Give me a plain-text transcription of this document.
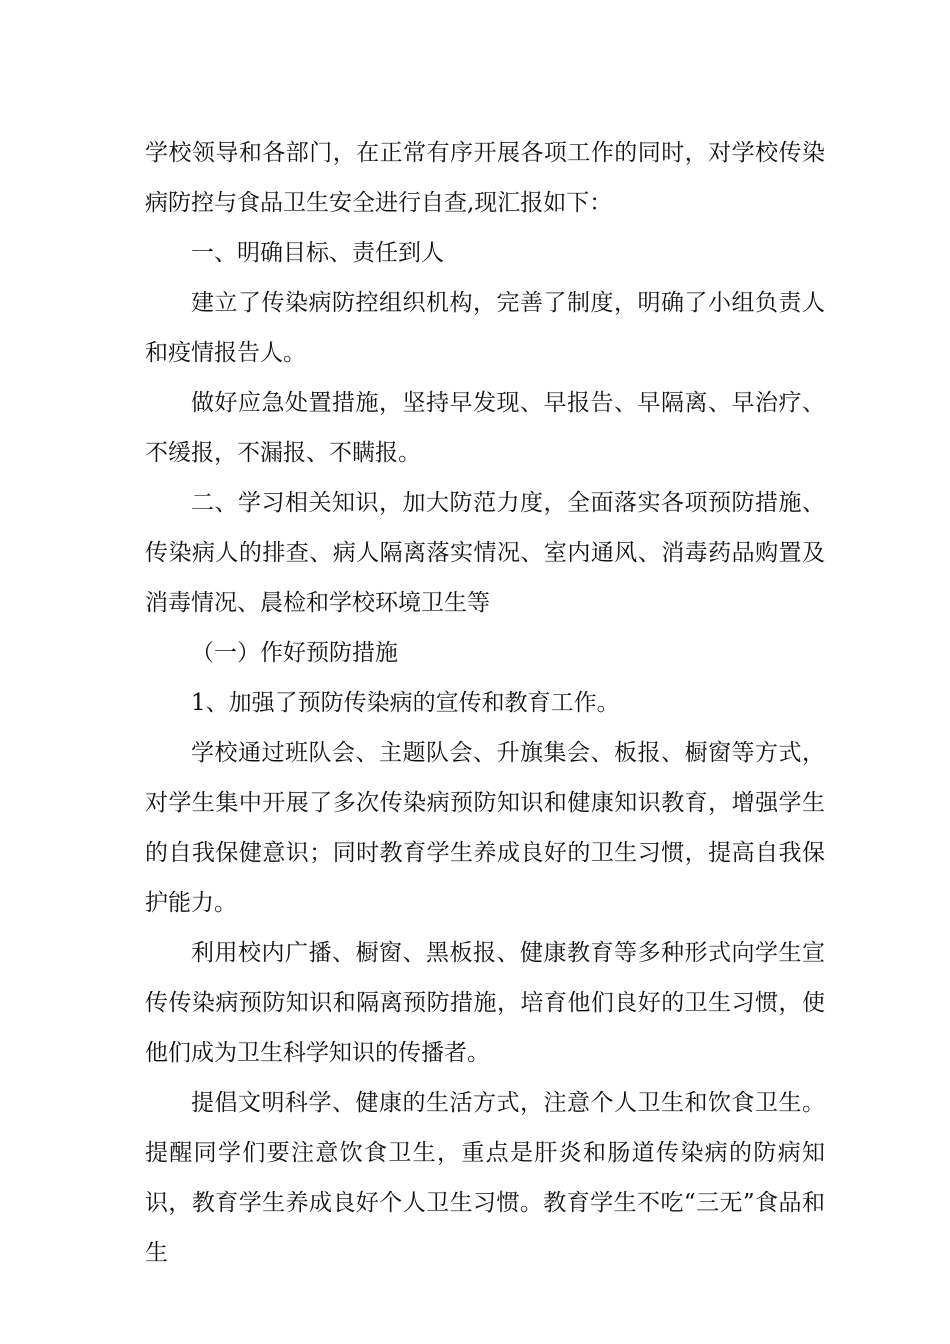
学校领导和各部门，在正常有序开展各项工作的同时，对学校传染病防控与食品卫生安全进行自查,现汇报如下：

一、明确目标、责任到人

建立了传染病防控组织机构，完善了制度，明确了小组负责人和疫情报告人。

做好应急处置措施，坚持早发现、早报告、早隔离、早治疗、不缓报，不漏报、不瞒报。

二、学习相关知识，加大防范力度，全面落实各项预防措施、传染病人的排查、病人隔离落实情况、室内通风、消毒药品购置及消毒情况、晨检和学校环境卫生等

（一）作好预防措施

1、加强了预防传染病的宣传和教育工作。

学校通过班队会、主题队会、升旗集会、板报、橱窗等方式，对学生集中开展了多次传染病预防知识和健康知识教育，增强学生的自我保健意识；同时教育学生养成良好的卫生习惯，提高自我保护能力。

利用校内广播、橱窗、黑板报、健康教育等多种形式向学生宣传传染病预防知识和隔离预防措施，培育他们良好的卫生习惯，使他们成为卫生科学知识的传播者。

提倡文明科学、健康的生活方式，注意个人卫生和饮食卫生。提醒同学们要注意饮食卫生，重点是肝炎和肠道传染病的防病知识，教育学生养成良好个人卫生习惯。教育学生不吃“三无”食品和生
